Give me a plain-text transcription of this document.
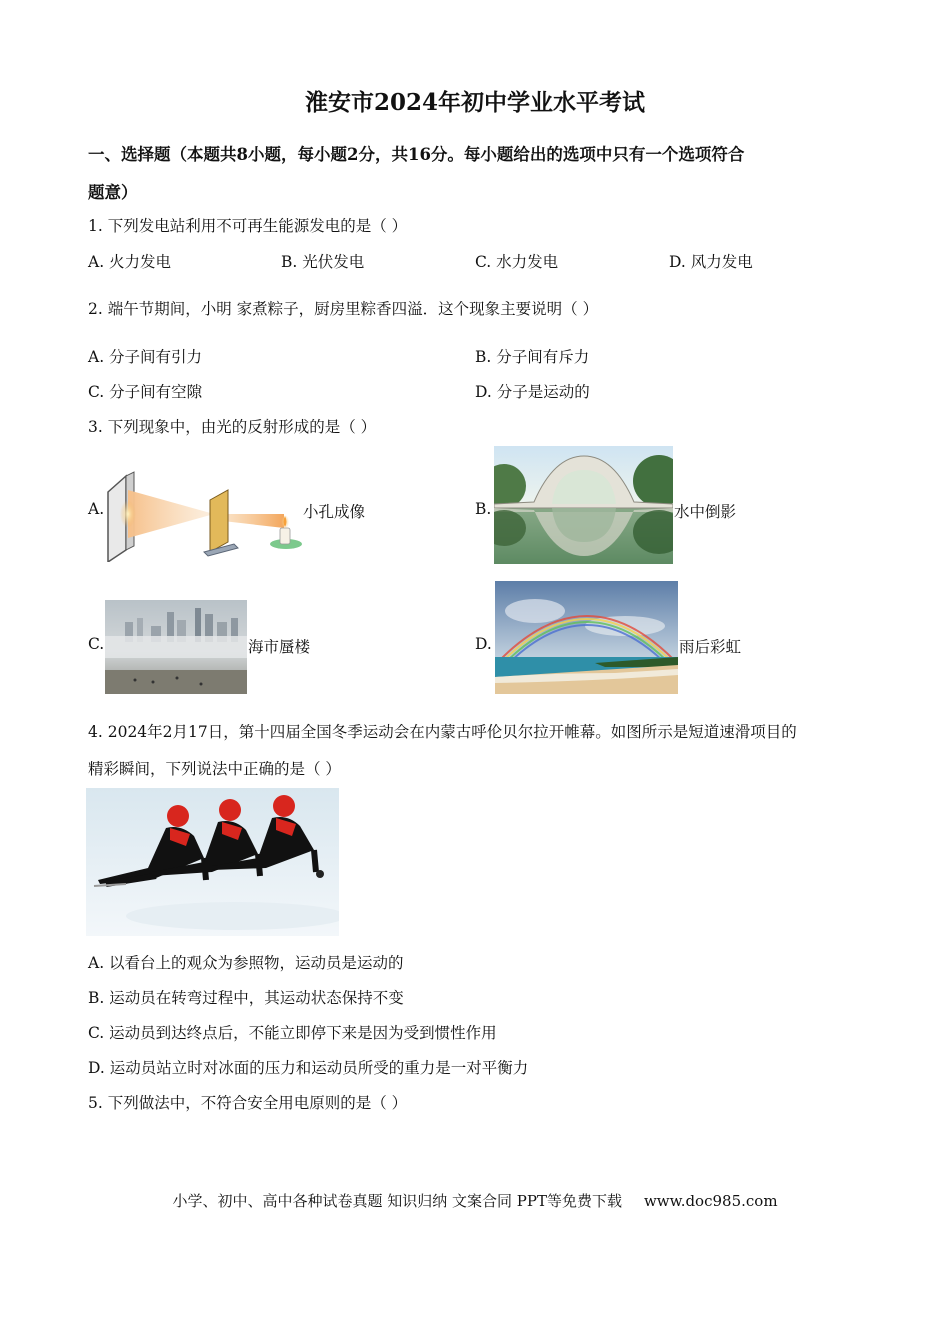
淮安市2024年初中学业水平考试
一、选择题（本题共8小题，每小题2分，共16分。每小题给出的选项中只有一个选项符合
题意）
1. 下列发电站利用不可再生能源发电的是（ ）
A. 火力发电	B. 光伏发电	C. 水力发电	D. 风力发电
2. 端午节期间，小明 家煮粽子，厨房里粽香四溢．这个现象主要说明（ ）
A. 分子间有引力	B. 分子间有斥力
C. 分子间有空隙	D. 分子是运动的
3. 下列现象中，由光的反射形成的是（ ）
A.	小孔成像	B.	水中倒影
C.	海市蜃楼	D.	雨后彩虹
4. 2024年2月17日，第十四届全国冬季运动会在内蒙古呼伦贝尔拉开帷幕。如图所示是短道速滑项目的
精彩瞬间，下列说法中正确的是（ ）
A. 以看台上的观众为参照物，运动员是运动的
B. 运动员在转弯过程中，其运动状态保持不变
C. 运动员到达终点后，不能立即停下来是因为受到惯性作用
D. 运动员站立时对冰面的压力和运动员所受的重力是一对平衡力
5. 下列做法中，不符合安全用电原则的是（ ）
小学、初中、高中各种试卷真题 知识归纳 文案合同 PPT等免费下载 www.doc985.com
